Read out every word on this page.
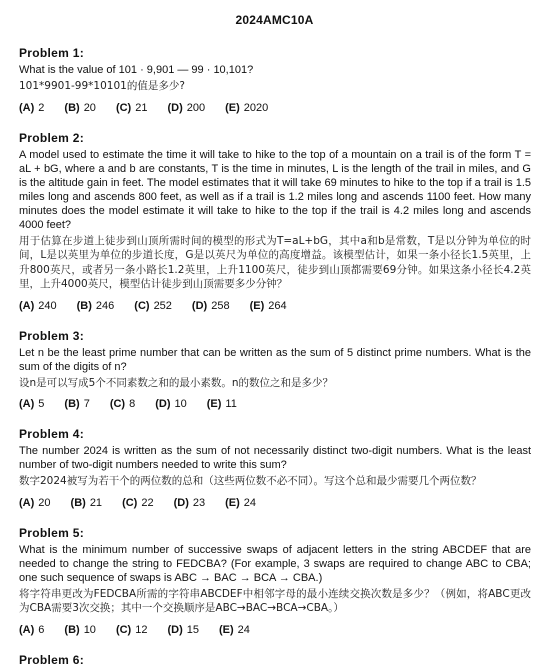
2024AMC10A
Problem 1:

What is the value of 101 · 9,901 — 99 · 10,101?

101*9901-99*10101的值是多少?

(A) 2 (B) 20 (C) 21 (D) 200 (E) 2020
Problem 2:

A model used to estimate the time it will take to hike to the top of a mountain on a trail is of the form T = aL + bG, where a and b are constants, T is the time in minutes, L is the length of the trail in miles, and G is the altitude gain in feet. The model estimates that it will take 69 minutes to hike to the top if a trail is 1.5 miles long and ascends 800 feet, as well as if a trail is 1.2 miles long and ascends 1100 feet. How many minutes does the model estimate it will take to hike to the top if the trail is 4.2 miles long and ascends 4000 feet?

用于估算在步道上徒步到山顶所需时间的模型的形式为T=aL+bG，其中a和b是常数，T是以分钟为单位的时间，L是以英里为单位的步道长度，G是以英尺为单位的高度增益。该模型估计，如果一条小径长1.5英里，上升800英尺，或者另一条小路长1.2英里，上升1100英尺，徒步到山顶都需要69分钟。如果这条小径长4.2英里，上升4000英尺，模型估计徒步到山顶需要多少分钟？

(A) 240 (B) 246 (C) 252 (D) 258 (E) 264
Problem 3:

Let n be the least prime number that can be written as the sum of 5 distinct prime numbers. What is the sum of the digits of n?

设n是可以写成5个不同素数之和的最小素数。n的数位之和是多少？

(A) 5 (B) 7 (C) 8 (D) 10 (E) 11
Problem 4:

The number 2024 is written as the sum of not necessarily distinct two-digit numbers. What is the least number of two-digit numbers needed to write this sum?

数字2024被写为若干个的两位数的总和（这些两位数不必不同）。写这个总和最少需要几个两位数？

(A) 20 (B) 21 (C) 22 (D) 23 (E) 24
Problem 5:

What is the minimum number of successive swaps of adjacent letters in the string ABCDEF that are needed to change the string to FEDCBA? (For example, 3 swaps are required to change ABC to CBA; one such sequence of swaps is ABC → BAC → BCA → CBA.)

将字符串更改为FEDCBA所需的字符串ABCDEF中相邻字母的最小连续交换次数是多少？（例如，将ABC更改为CBA需要3次交换；其中一个交换顺序是ABC→BAC→BCA→CBA。）

(A) 6 (B) 10 (C) 12 (D) 15 (E) 24
Problem 6:
